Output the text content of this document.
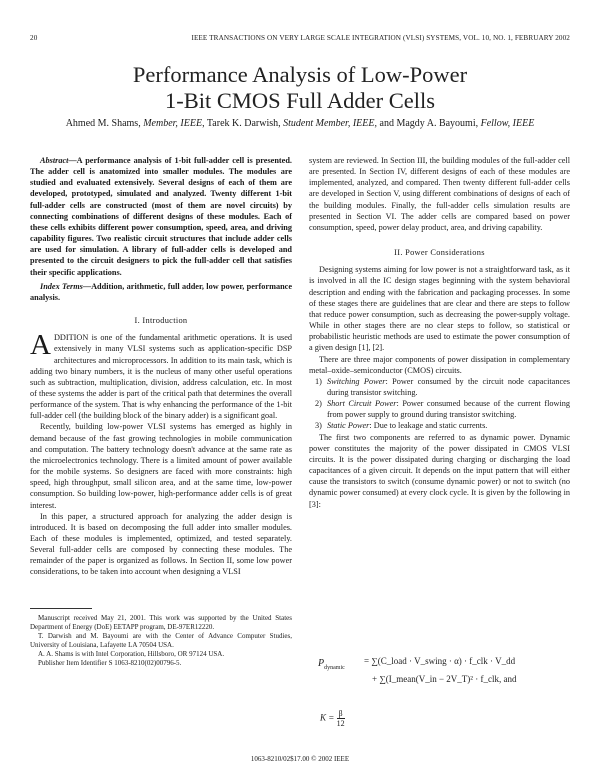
20	IEEE TRANSACTIONS ON VERY LARGE SCALE INTEGRATION (VLSI) SYSTEMS, VOL. 10, NO. 1, FEBRUARY 2002
Performance Analysis of Low-Power
1-Bit CMOS Full Adder Cells
Ahmed M. Shams, Member, IEEE, Tarek K. Darwish, Student Member, IEEE, and Magdy A. Bayoumi, Fellow, IEEE

Abstract—A performance analysis of 1-bit full-adder cell is presented. The adder cell is anatomized into smaller modules. The modules are studied and evaluated extensively. Several designs of each of them are developed, prototyped, simulated and analyzed. Twenty different 1-bit full-adder cells are constructed (most of them are novel circuits) by connecting combinations of different designs of these modules. Each of these cells exhibits different power consumption, speed, area, and driving capability figures. Two realistic circuit structures that include adder cells are used for simulation. A library of full-adder cells is developed and presented to the circuit designers to pick the full-adder cell that satisfies their specific applications.

Index Terms—Addition, arithmetic, full adder, low power, performance analysis.

I. Introduction

ADDITION is one of the fundamental arithmetic operations. It is used extensively in many VLSI systems such as application-specific DSP architectures and microprocessors. In addition to its main task, which is adding two binary numbers, it is the nucleus of many other useful operations such as subtraction, multiplication, division, address calculation, etc. In most of these systems the adder is part of the critical path that determines the overall performance of the system. That is why enhancing the performance of the 1-bit full-adder cell (the building block of the binary adder) is a significant goal.

Recently, building low-power VLSI systems has emerged as highly in demand because of the fast growing technologies in mobile communication and computation. The battery technology doesn't advance at the same rate as the microelectronics technology. There is a limited amount of power available for the mobile systems. So designers are faced with more constraints: high speed, high throughput, small silicon area, and at the same time, low-power consumption. So building low-power, high-performance adder cells is of great interest.

In this paper, a structured approach for analyzing the adder design is introduced. It is based on decomposing the full adder into smaller modules. Each of these modules is implemented, optimized, and tested separately. Several full-adder cells are composed by connecting these modules. The remainder of the paper is organized as follows. In Section II, some low power considerations, to be taken into account when designing a VLSI

Manuscript received May 21, 2001. This work was supported by the United States Department of Energy (DoE) EETAPP program, DE-97ER12220.

T. Darwish and M. Bayoumi are with the Center of Advance Computer Studies, University of Louisiana, Lafayette LA 70504 USA.

A. A. Shams is with Intel Corporation, Hillsboro, OR 97124 USA.

Publisher Item Identifier S 1063-8210(02)00796-5.

system are reviewed. In Section III, the building modules of the full-adder cell are presented. In Section IV, different designs of each of these modules are implemented, analyzed, and compared. Then twenty different full-adder cells are developed in Section V, using different combinations of designs of each of the building modules. Finally, the full-adder cells simulation results are presented in Section VI. The adder cells are compared based on power consumption, speed, power delay product, area, and driving capability.

II. Power Considerations

Designing systems aiming for low power is not a straightforward task, as it is involved in all the IC design stages beginning with the system behavioral description and ending with the fabrication and packaging processes. In some of these stages there are guidelines that are clear and there are steps to follow that reduce power consumption, such as decreasing the power-supply voltage. While in other stages there are no clear steps to follow, so statistical or probabilistic heuristic methods are used to estimate the power consumption of a given design [1], [2].

There are three major components of power dissipation in complementary metal–oxide–semiconductor (CMOS) circuits.

1) Switching Power: Power consumed by the circuit node capacitances during transistor switching.
2) Short Circuit Power: Power consumed because of the current flowing from power supply to ground during transistor switching.
3) Static Power: Due to leakage and static currents.

The first two components are referred to as dynamic power. Dynamic power constitutes the majority of the power dissipated in CMOS VLSI circuits. It is the power dissipated during charging or discharging the load capacitances of a given circuit. It depends on the input pattern that will either cause the transistors to switch (consume dynamic power) or not to switch (no dynamic power consumed) at every clock cycle. It is given by the following in [3]:

$P_{dynamic}$
= ∑(C_load · V_swing · α) · f_clk · V_dd
+ ∑(I_mean(V_in − 2V_T)² · f_clk, and
$K = \frac{\beta}{12}$
1063-8210/02$17.00 © 2002 IEEE
